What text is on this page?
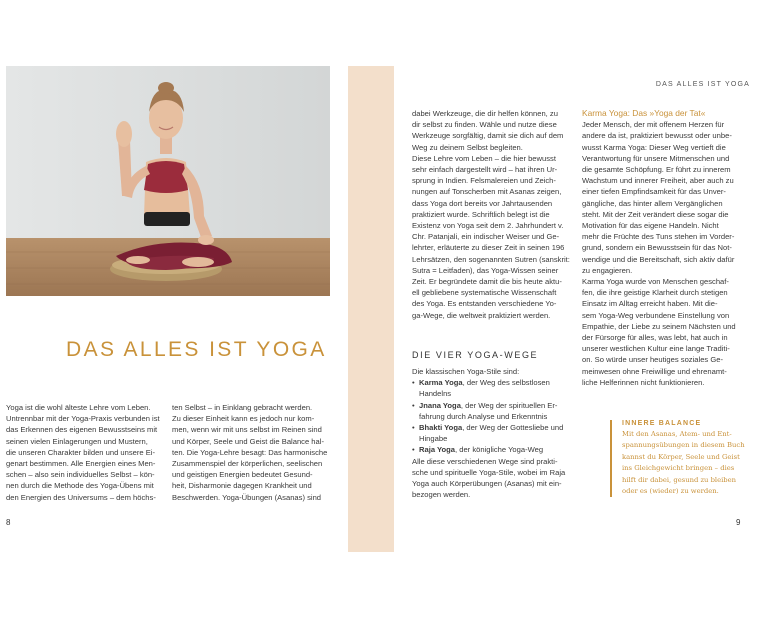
DAS ALLES IST YOGA

Yoga ist die wohl älteste Lehre vom Leben.

Untrennbar mit der Yoga-Praxis verbunden ist

das Erkennen des eigenen Bewusstseins mit

seinen vielen Einlagerungen und Mustern,

die unseren Charakter bilden und unsere Ei-

genart bestimmen. Alle Energien eines Men-

schen – also sein individuelles Selbst – kön-

nen durch die Methode des Yoga-Übens mit

den Energien des Universums – dem höchs-

ten Selbst – in Einklang gebracht werden.

Zu dieser Einheit kann es jedoch nur kom-

men, wenn wir mit uns selbst im Reinen sind

und Körper, Seele und Geist die Balance hal-

ten. Die Yoga-Lehre besagt: Das harmonische

Zusammenspiel der körperlichen, seelischen

und geistigen Energien bedeutet Gesund-

heit, Disharmonie dagegen Krankheit und

Beschwerden. Yoga-Übungen (Asanas) sind

8
DAS ALLES IST YOGA

dabei Werkzeuge, die dir helfen können, zu

dir selbst zu finden. Wähle und nutze diese

Werkzeuge sorgfältig, damit sie dich auf dem

Weg zu deinem Selbst begleiten.

Diese Lehre vom Leben – die hier bewusst

sehr einfach dargestellt wird – hat ihren Ur-

sprung in Indien. Felsmalereien und Zeich-

nungen auf Tonscherben mit Asanas zeigen,

dass Yoga dort bereits vor Jahrtausenden

praktiziert wurde. Schriftlich belegt ist die

Existenz von Yoga seit dem 2. Jahrhundert v.

Chr. Patanjali, ein indischer Weiser und Ge-

lehrter, erläuterte zu dieser Zeit in seinen 196

Lehrsätzen, den sogenannten Sutren (sanskrit:

Sutra = Leitfaden), das Yoga-Wissen seiner

Zeit. Er begründete damit die bis heute aktu-

ell gebliebene systematische Wissenschaft

des Yoga. Es entstanden verschiedene Yo-

ga-Wege, die weltweit praktiziert werden.

DIE VIER YOGA-WEGE

Die klassischen Yoga-Stile sind:

• Karma Yoga, der Weg des selbstlosen
Handelns
• Jnana Yoga, der Weg der spirituellen Er-
fahrung durch Analyse und Erkenntnis
• Bhakti Yoga, der Weg der Gottesliebe und
Hingabe
• Raja Yoga, der königliche Yoga-Weg

Alle diese verschiedenen Wege sind prakti-

sche und spirituelle Yoga-Stile, wobei im Raja

Yoga auch Körperübungen (Asanas) mit ein-

bezogen werden.

Karma Yoga: Das »Yoga der Tat«

Jeder Mensch, der mit offenem Herzen für

andere da ist, praktiziert bewusst oder unbe-

wusst Karma Yoga: Dieser Weg vertieft die

Verantwortung für unsere Mitmenschen und

die gesamte Schöpfung. Er führt zu innerem

Wachstum und innerer Freiheit, aber auch zu

einer tiefen Empfindsamkeit für das Unver-

gängliche, das hinter allem Vergänglichen

steht. Mit der Zeit verändert diese sogar die

Motivation für das eigene Handeln. Nicht

mehr die Früchte des Tuns stehen im Vorder-

grund, sondern ein Bewusstsein für das Not-

wendige und die Bereitschaft, sich aktiv dafür

zu engagieren.

Karma Yoga wurde von Menschen geschaf-

fen, die ihre geistige Klarheit durch stetigen

Einsatz im Alltag erreicht haben. Mit die-

sem Yoga-Weg verbundene Einstellung von

Empathie, der Liebe zu seinem Nächsten und

der Fürsorge für alles, was lebt, hat auch in

unserer westlichen Kultur eine lange Traditi-

on. So würde unser heutiges soziales Ge-

meinwesen ohne Freiwillige und ehrenamt-

liche Helferinnen nicht funktionieren.

INNERE BALANCE

Mit den Asanas, Atem- und Ent-
spannungsübungen in diesem Buch
kannst du Körper, Seele und Geist
ins Gleichgewicht bringen – dies
hilft dir dabei, gesund zu bleiben
oder es (wieder) zu werden.

9
